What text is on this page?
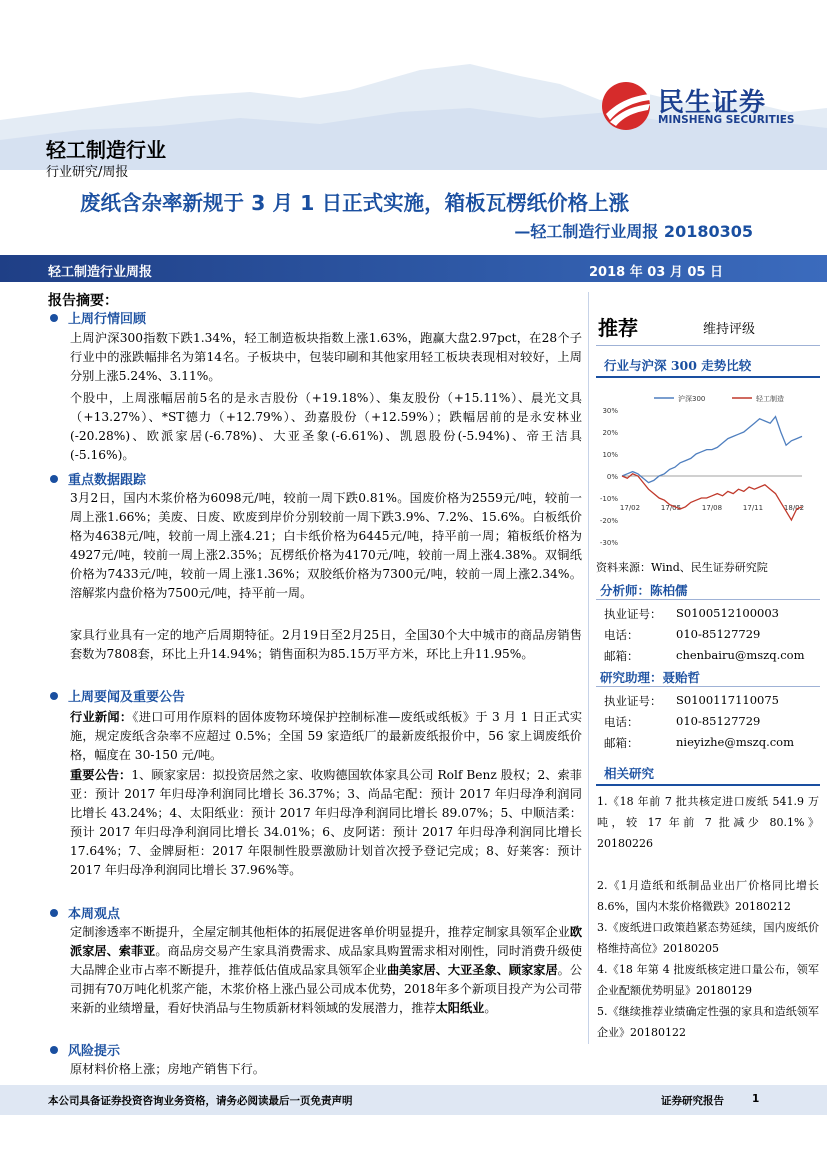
民生证券
MINSHENG SECURITIES
轻工制造行业
行业研究/周报
废纸含杂率新规于 3 月 1 日正式实施，箱板瓦楞纸价格上涨
—轻工制造行业周报 20180305
轻工制造行业周报	2018 年 03 月 05 日
报告摘要：
上周行情回顾
上周沪深300指数下跌1.34%，轻工制造板块指数上涨1.63%，跑赢大盘2.97pct，在28个子行业中的涨跌幅排名为第14名。子板块中，包装印刷和其他家用轻工板块表现相对较好，上周分别上涨5.24%、3.11%。
个股中，上周涨幅居前5名的是永吉股份（+19.18%）、集友股份（+15.11%）、晨光文具（+13.27%）、*ST德力（+12.79%）、劲嘉股份（+12.59%）；跌幅居前的是永安林业(-20.28%)、欧派家居(-6.78%)、大亚圣象(-6.61%)、凯恩股份(-5.94%)、帝王洁具(-5.16%)。
重点数据跟踪
3月2日，国内木浆价格为6098元/吨，较前一周下跌0.81%。国废价格为2559元/吨，较前一周上涨1.66%；美废、日废、欧废到岸价分别较前一周下跌3.9%、7.2%、15.6%。白板纸价格为4638元/吨，较前一周上涨4.21；白卡纸价格为6445元/吨，持平前一周；箱板纸价格为4927元/吨，较前一周上涨2.35%；瓦楞纸价格为4170元/吨，较前一周上涨4.38%。双铜纸价格为7433元/吨，较前一周上涨1.36%；双胶纸价格为7300元/吨，较前一周上涨2.34%。溶解浆内盘价格为7500元/吨，持平前一周。
家具行业具有一定的地产后周期特征。2月19日至2月25日，全国30个大中城市的商品房销售套数为7808套，环比上升14.94%；销售面积为85.15万平方米，环比上升11.95%。
上周要闻及重要公告
行业新闻：《进口可用作原料的固体废物环境保护控制标准—废纸或纸板》于 3 月 1 日正式实施，规定废纸含杂率不应超过 0.5%；全国 59 家造纸厂的最新废纸报价中，56 家上调废纸价格，幅度在 30-150 元/吨。
重要公告：1、顾家家居：拟投资居然之家、收购德国软体家具公司 Rolf Benz 股权；2、索菲亚：预计 2017 年归母净利润同比增长 36.37%；3、尚品宅配：预计 2017 年归母净利润同比增长 43.24%；4、太阳纸业：预计 2017 年归母净利润同比增长 89.07%；5、中顺洁柔：预计 2017 年归母净利润同比增长 34.01%；6、皮阿诺：预计 2017 年归母净利润同比增长 17.64%；7、金牌厨柜：2017 年限制性股票激励计划首次授予登记完成；8、好莱客：预计 2017 年归母净利润同比增长 37.96%等。
本周观点
定制渗透率不断提升，全屋定制其他柜体的拓展促进客单价明显提升，推荐定制家具领军企业欧派家居、索菲亚。商品房交易产生家具消费需求、成品家具购置需求相对刚性，同时消费升级使大品牌企业市占率不断提升，推荐低估值成品家具领军企业曲美家居、大亚圣象、顾家家居。公司拥有70万吨化机浆产能，木浆价格上涨凸显公司成本优势，2018年多个新项目投产为公司带来新的业绩增量，看好快消品与生物质新材料领域的发展潜力，推荐太阳纸业。
风险提示
原材料价格上涨；房地产销售下行。
推荐	维持评级
行业与沪深 300 走势比较
30%
20%
10%
0%
-10%
-20%
-30%
17/02	17/05	17/08	17/11	18/02
沪深300	轻工制造
资料来源：Wind、民生证券研究院
分析师：陈柏儒
执业证号： S0100512100003
电话：	010-85127729
邮箱：	chenbairu@mszq.com
研究助理：聂贻哲
执业证号： S0100117110075
电话：	010-85127729
邮箱：	nieyizhe@mszq.com
相关研究
1.《18 年前 7 批共核定进口废纸 541.9 万吨，较 17 年前 7 批减少 80.1%》20180226
2.《1月造纸和纸制品业出厂价格同比增长 8.6%，国内木浆价格微跌》20180212
3.《废纸进口政策趋紧态势延续，国内废纸价格维持高位》20180205
4.《18 年第 4 批废纸核定进口量公布，领军企业配额优势明显》20180129
5.《继续推荐业绩确定性强的家具和造纸领军企业》20180122
本公司具备证券投资咨询业务资格，请务必阅读最后一页免责声明	证券研究报告	1
